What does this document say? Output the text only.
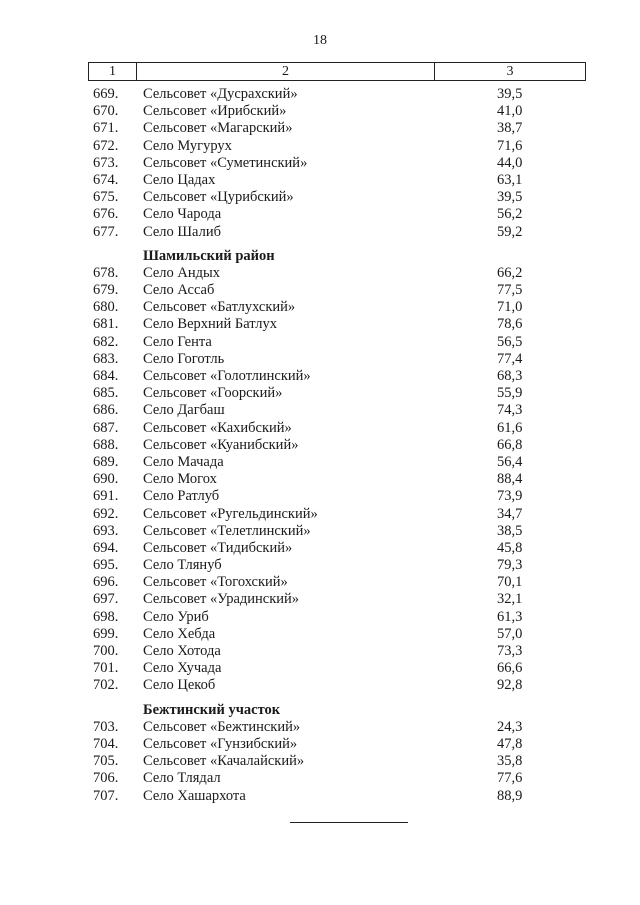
18
1	2	3
669. Сельсовет «Дусрахский»	39,5
670. Сельсовет «Ирибский»	41,0
671. Сельсовет «Магарский»	38,7
672. Село Мугурух	71,6
673. Сельсовет «Суметинский»	44,0
674. Село Цадах	63,1
675. Сельсовет «Цурибский»	39,5
676. Село Чарода	56,2
677. Село Шалиб	59,2
Шамильский район
678. Село Андых	66,2
679. Село Ассаб	77,5
680. Сельсовет «Батлухский»	71,0
681. Село Верхний Батлух	78,6
682. Село Гента	56,5
683. Село Гоготль	77,4
684. Сельсовет «Голотлинский»	68,3
685. Сельсовет «Гоорский»	55,9
686. Село Дагбаш	74,3
687. Сельсовет «Кахибский»	61,6
688. Сельсовет «Куанибский»	66,8
689. Село Мачада	56,4
690. Село Могох	88,4
691. Село Ратлуб	73,9
692. Сельсовет «Ругельдинский»	34,7
693. Сельсовет «Телетлинский»	38,5
694. Сельсовет «Тидибский»	45,8
695. Село Тлянуб	79,3
696. Сельсовет «Тогохский»	70,1
697. Сельсовет «Урадинский»	32,1
698. Село Уриб	61,3
699. Село Хебда	57,0
700. Село Хотода	73,3
701. Село Хучада	66,6
702. Село Цекоб	92,8
Бежтинский участок
703. Сельсовет «Бежтинский»	24,3
704. Сельсовет «Гунзибский»	47,8
705. Сельсовет «Качалайский»	35,8
706. Село Тлядал	77,6
707. Село Хашархота	88,9
